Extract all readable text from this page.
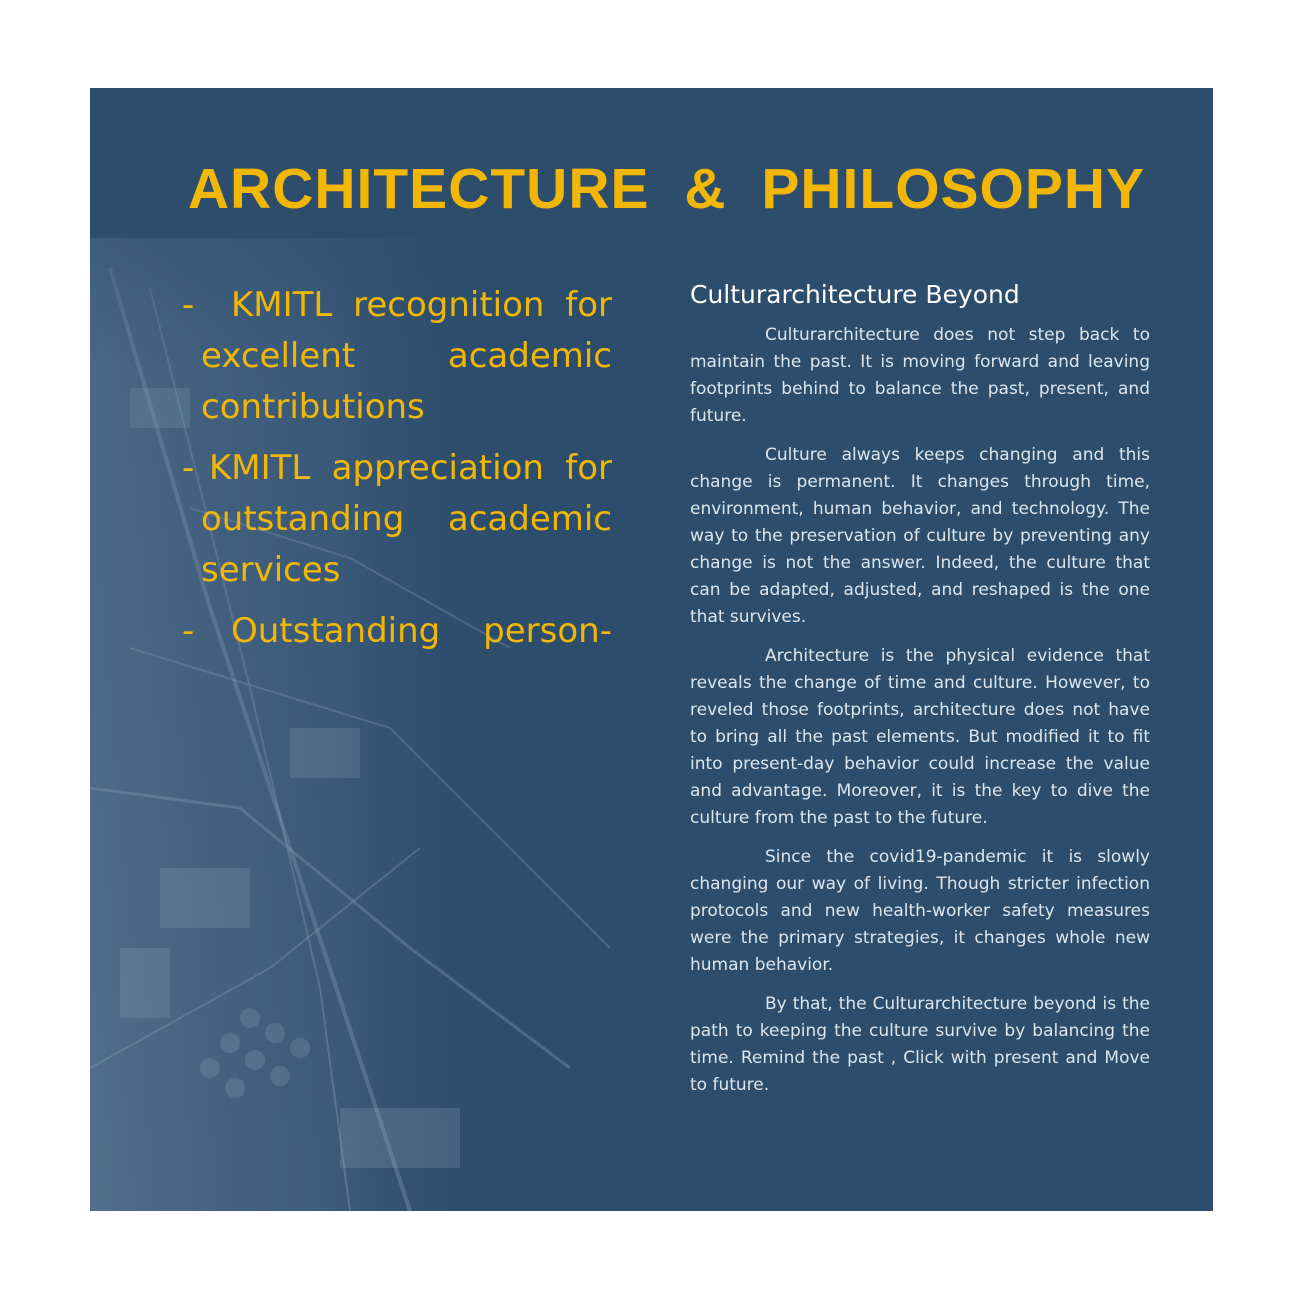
ARCHITECTURE & PHILOSOPHY
-	KMITL recognition for excellent academic contributions
- KMITL appreciation for outstanding academic services
-	Outstanding person-
Culturarchitecture Beyond

Culturarchitecture does not step back to maintain the past. It is moving forward and leaving footprints behind to balance the past, present, and future.

Culture always keeps changing and this change is permanent. It changes through time, environment, human behavior, and technology. The way to the preservation of culture by preventing any change is not the answer. Indeed, the culture that can be adapted, adjusted, and reshaped is the one that survives.

Architecture is the physical evidence that reveals the change of time and culture. However, to reveled those footprints, architecture does not have to bring all the past elements. But modified it to fit into present-day behavior could increase the value and advantage. Moreover, it is the key to dive the culture from the past to the future.

Since the covid19-pandemic it is slowly changing our way of living. Though stricter infection protocols and new health-worker safety measures were the primary strategies, it changes whole new human behavior.

By that, the Culturarchitecture beyond is the path to keeping the culture survive by balancing the time. Remind the past , Click with present and Move to future.
